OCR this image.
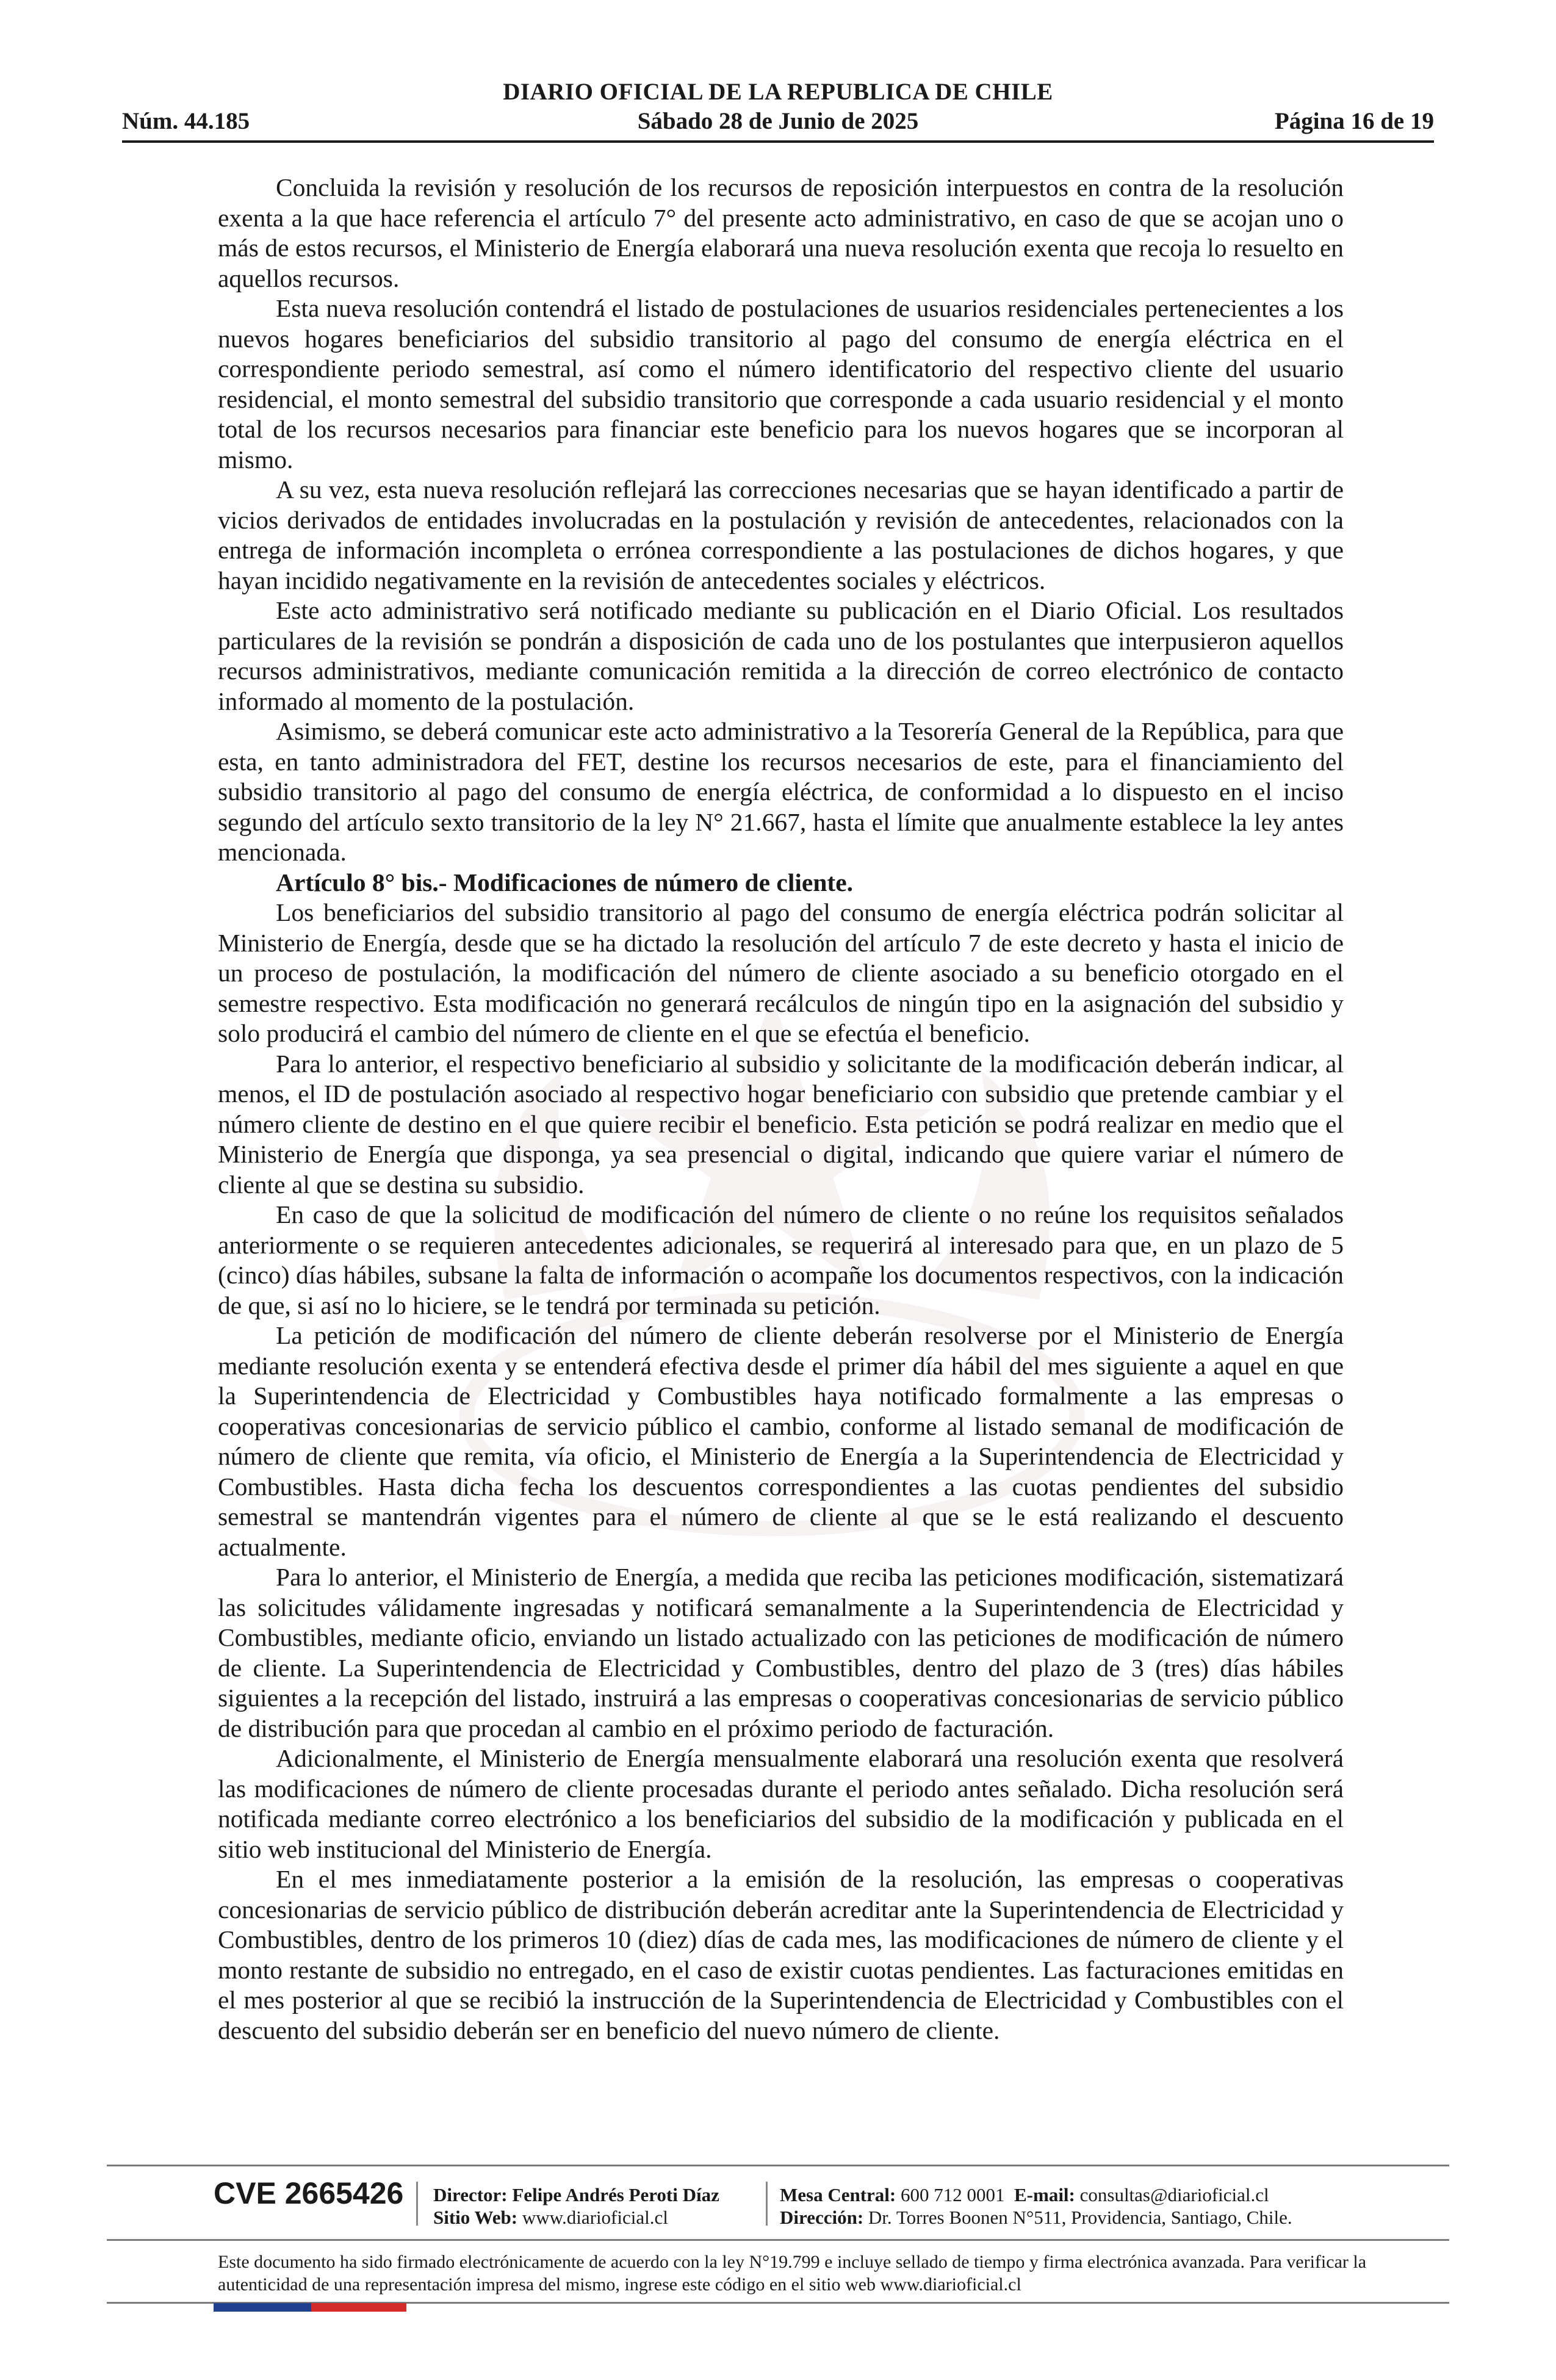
DIARIO OFICIAL DE LA REPUBLICA DE CHILE
Núm. 44.185	Sábado 28 de Junio de 2025	Página 16 de 19

Concluida la revisión y resolución de los recursos de reposición interpuestos en contra de la resolución exenta a la que hace referencia el artículo 7° del presente acto administrativo, en caso de que se acojan uno o más de estos recursos, el Ministerio de Energía elaborará una nueva resolución exenta que recoja lo resuelto en aquellos recursos.

Esta nueva resolución contendrá el listado de postulaciones de usuarios residenciales pertenecientes a los nuevos hogares beneficiarios del subsidio transitorio al pago del consumo de energía eléctrica en el correspondiente periodo semestral, así como el número identificatorio del respectivo cliente del usuario residencial, el monto semestral del subsidio transitorio que corresponde a cada usuario residencial y el monto total de los recursos necesarios para financiar este beneficio para los nuevos hogares que se incorporan al mismo.

A su vez, esta nueva resolución reflejará las correcciones necesarias que se hayan identificado a partir de vicios derivados de entidades involucradas en la postulación y revisión de antecedentes, relacionados con la entrega de información incompleta o errónea correspondiente a las postulaciones de dichos hogares, y que hayan incidido negativamente en la revisión de antecedentes sociales y eléctricos.

Este acto administrativo será notificado mediante su publicación en el Diario Oficial. Los resultados particulares de la revisión se pondrán a disposición de cada uno de los postulantes que interpusieron aquellos recursos administrativos, mediante comunicación remitida a la dirección de correo electrónico de contacto informado al momento de la postulación.

Asimismo, se deberá comunicar este acto administrativo a la Tesorería General de la República, para que esta, en tanto administradora del FET, destine los recursos necesarios de este, para el financiamiento del subsidio transitorio al pago del consumo de energía eléctrica, de conformidad a lo dispuesto en el inciso segundo del artículo sexto transitorio de la ley N° 21.667, hasta el límite que anualmente establece la ley antes mencionada.

Artículo 8° bis.- Modificaciones de número de cliente.

Los beneficiarios del subsidio transitorio al pago del consumo de energía eléctrica podrán solicitar al Ministerio de Energía, desde que se ha dictado la resolución del artículo 7 de este decreto y hasta el inicio de un proceso de postulación, la modificación del número de cliente asociado a su beneficio otorgado en el semestre respectivo. Esta modificación no generará recálculos de ningún tipo en la asignación del subsidio y solo producirá el cambio del número de cliente en el que se efectúa el beneficio.

Para lo anterior, el respectivo beneficiario al subsidio y solicitante de la modificación deberán indicar, al menos, el ID de postulación asociado al respectivo hogar beneficiario con subsidio que pretende cambiar y el número cliente de destino en el que quiere recibir el beneficio. Esta petición se podrá realizar en medio que el Ministerio de Energía que disponga, ya sea presencial o digital, indicando que quiere variar el número de cliente al que se destina su subsidio.

En caso de que la solicitud de modificación del número de cliente o no reúne los requisitos señalados anteriormente o se requieren antecedentes adicionales, se requerirá al interesado para que, en un plazo de 5 (cinco) días hábiles, subsane la falta de información o acompañe los documentos respectivos, con la indicación de que, si así no lo hiciere, se le tendrá por terminada su petición.

La petición de modificación del número de cliente deberán resolverse por el Ministerio de Energía mediante resolución exenta y se entenderá efectiva desde el primer día hábil del mes siguiente a aquel en que la Superintendencia de Electricidad y Combustibles haya notificado formalmente a las empresas o cooperativas concesionarias de servicio público el cambio, conforme al listado semanal de modificación de número de cliente que remita, vía oficio, el Ministerio de Energía a la Superintendencia de Electricidad y Combustibles. Hasta dicha fecha los descuentos correspondientes a las cuotas pendientes del subsidio semestral se mantendrán vigentes para el número de cliente al que se le está realizando el descuento actualmente.

Para lo anterior, el Ministerio de Energía, a medida que reciba las peticiones modificación, sistematizará las solicitudes válidamente ingresadas y notificará semanalmente a la Superintendencia de Electricidad y Combustibles, mediante oficio, enviando un listado actualizado con las peticiones de modificación de número de cliente. La Superintendencia de Electricidad y Combustibles, dentro del plazo de 3 (tres) días hábiles siguientes a la recepción del listado, instruirá a las empresas o cooperativas concesionarias de servicio público de distribución para que procedan al cambio en el próximo periodo de facturación.

Adicionalmente, el Ministerio de Energía mensualmente elaborará una resolución exenta que resolverá las modificaciones de número de cliente procesadas durante el periodo antes señalado. Dicha resolución será notificada mediante correo electrónico a los beneficiarios del subsidio de la modificación y publicada en el sitio web institucional del Ministerio de Energía.

En el mes inmediatamente posterior a la emisión de la resolución, las empresas o cooperativas concesionarias de servicio público de distribución deberán acreditar ante la Superintendencia de Electricidad y Combustibles, dentro de los primeros 10 (diez) días de cada mes, las modificaciones de número de cliente y el monto restante de subsidio no entregado, en el caso de existir cuotas pendientes. Las facturaciones emitidas en el mes posterior al que se recibió la instrucción de la Superintendencia de Electricidad y Combustibles con el descuento del subsidio deberán ser en beneficio del nuevo número de cliente.

CVE 2665426 Director: Felipe Andrés Peroti Díaz
Sitio Web: www.diarioficial.cl
Mesa Central: 600 712 0001 E-mail: consultas@diarioficial.cl
Dirección: Dr. Torres Boonen N°511, Providencia, Santiago, Chile.
Este documento ha sido firmado electrónicamente de acuerdo con la ley N°19.799 e incluye sellado de tiempo y firma electrónica avanzada. Para verificar la autenticidad de una representación impresa del mismo, ingrese este código en el sitio web www.diarioficial.cl
